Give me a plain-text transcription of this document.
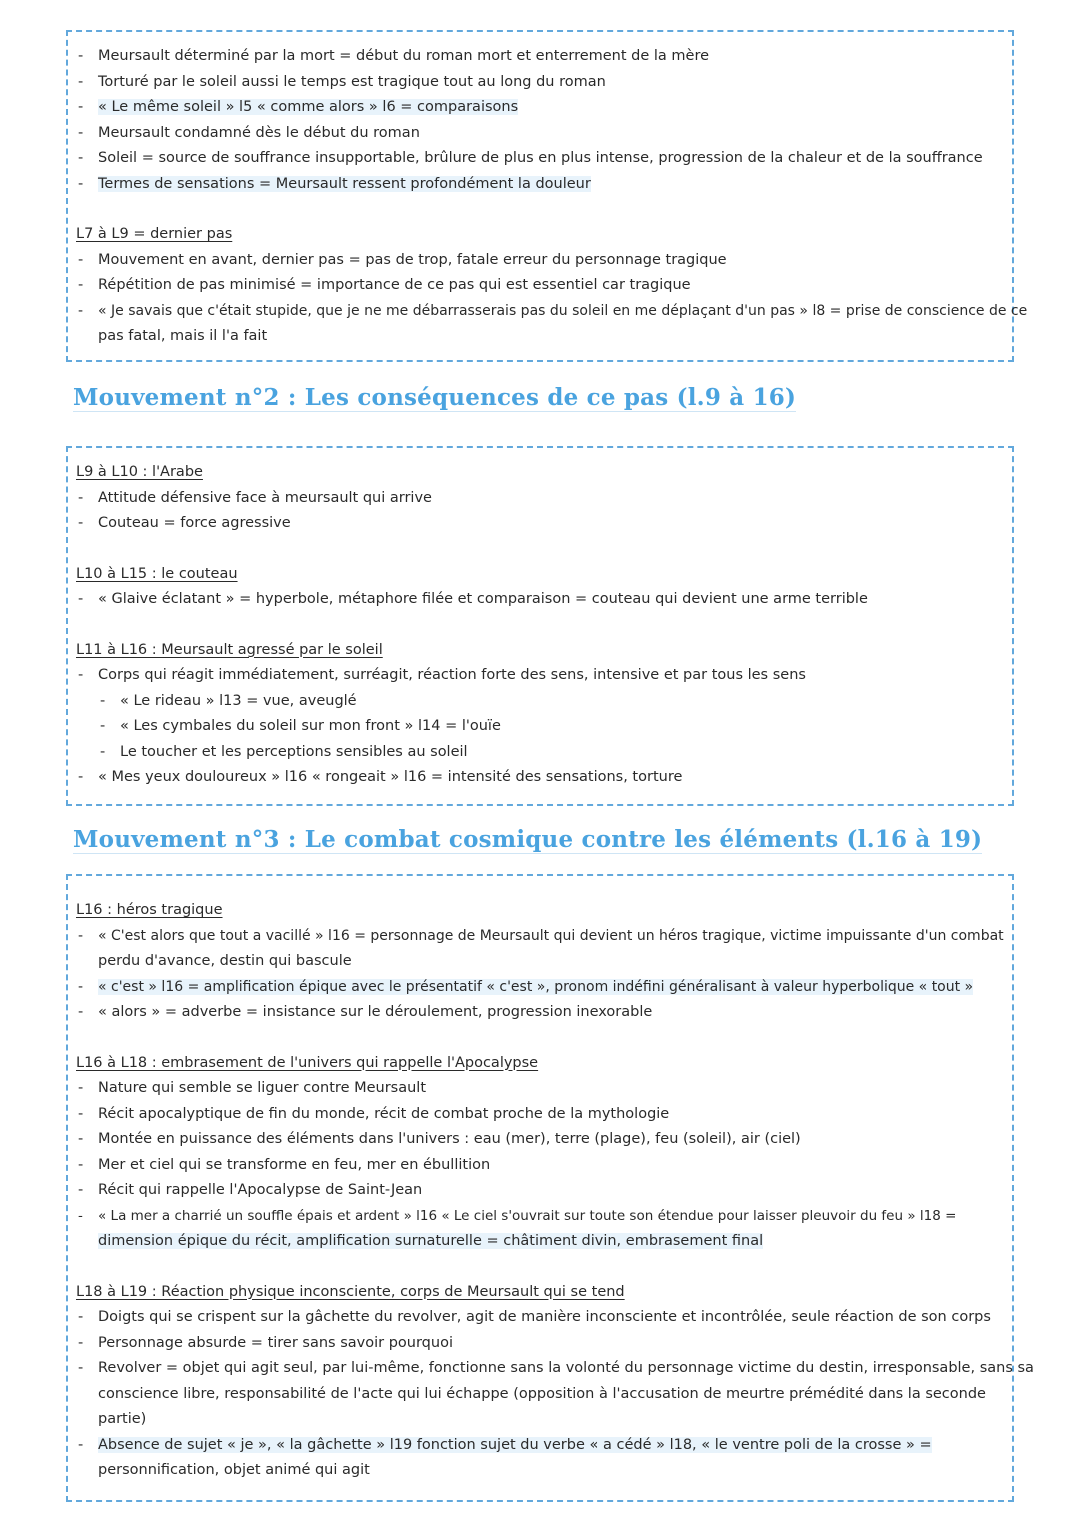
- Meursault déterminé par la mort = début du roman mort et enterrement de la mère
- Torturé par le soleil aussi le temps est tragique tout au long du roman
- « Le même soleil » l5 « comme alors » l6 = comparaisons
- Meursault condamné dès le début du roman
- Soleil = source de souffrance insupportable, brûlure de plus en plus intense, progression de la chaleur et de la souffrance
- Termes de sensations = Meursault ressent profondément la douleur
L7 à L9 = dernier pas
- Mouvement en avant, dernier pas = pas de trop, fatale erreur du personnage tragique
- Répétition de pas minimisé = importance de ce pas qui est essentiel car tragique
- « Je savais que c'était stupide, que je ne me débarrasserais pas du soleil en me déplaçant d'un pas » l8 = prise de conscience de ce
pas fatal, mais il l'a fait
Mouvement n°2 : Les conséquences de ce pas (l.9 à 16)
L9 à L10 : l'Arabe
- Attitude défensive face à meursault qui arrive
- Couteau = force agressive
L10 à L15 : le couteau
- « Glaive éclatant » = hyperbole, métaphore filée et comparaison = couteau qui devient une arme terrible
L11 à L16 : Meursault agressé par le soleil
- Corps qui réagit immédiatement, surréagit, réaction forte des sens, intensive et par tous les sens
- « Le rideau » l13 = vue, aveuglé
- « Les cymbales du soleil sur mon front » l14 = l'ouïe
- Le toucher et les perceptions sensibles au soleil
- « Mes yeux douloureux » l16 « rongeait » l16 = intensité des sensations, torture
Mouvement n°3 : Le combat cosmique contre les éléments (l.16 à 19)
L16 : héros tragique
- « C'est alors que tout a vacillé » l16 = personnage de Meursault qui devient un héros tragique, victime impuissante d'un combat
perdu d'avance, destin qui bascule
- « c'est » l16 = amplification épique avec le présentatif « c'est », pronom indéfini généralisant à valeur hyperbolique « tout »
- « alors » = adverbe = insistance sur le déroulement, progression inexorable
L16 à L18 : embrasement de l'univers qui rappelle l'Apocalypse
- Nature qui semble se liguer contre Meursault
- Récit apocalyptique de fin du monde, récit de combat proche de la mythologie
- Montée en puissance des éléments dans l'univers : eau (mer), terre (plage), feu (soleil), air (ciel)
- Mer et ciel qui se transforme en feu, mer en ébullition
- Récit qui rappelle l'Apocalypse de Saint-Jean
- « La mer a charrié un souffle épais et ardent » l16 « Le ciel s'ouvrait sur toute son étendue pour laisser pleuvoir du feu » l18 =
dimension épique du récit, amplification surnaturelle = châtiment divin, embrasement final
L18 à L19 : Réaction physique inconsciente, corps de Meursault qui se tend
- Doigts qui se crispent sur la gâchette du revolver, agit de manière inconsciente et incontrôlée, seule réaction de son corps
- Personnage absurde = tirer sans savoir pourquoi
- Revolver = objet qui agit seul, par lui-même, fonctionne sans la volonté du personnage victime du destin, irresponsable, sans sa
conscience libre, responsabilité de l'acte qui lui échappe (opposition à l'accusation de meurtre prémédité dans la seconde
partie)
- Absence de sujet « je », « la gâchette » l19 fonction sujet du verbe « a cédé » l18, « le ventre poli de la crosse » =
personnification, objet animé qui agit
